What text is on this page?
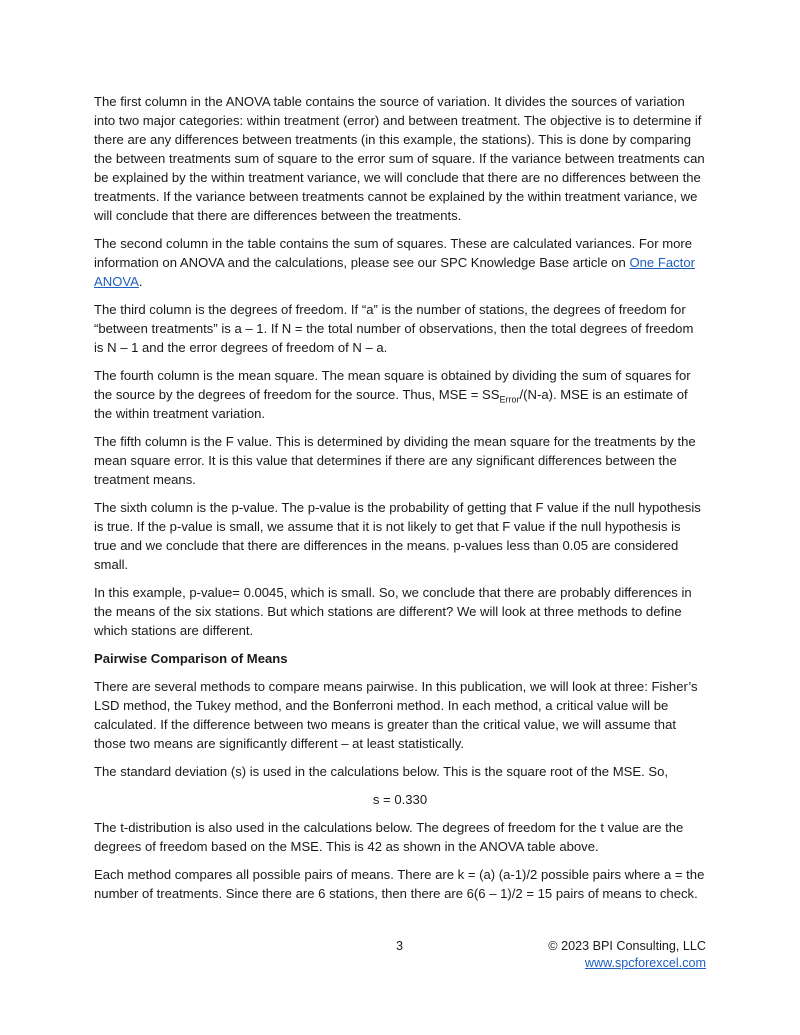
The first column in the ANOVA table contains the source of variation. It divides the sources of variation into two major categories: within treatment (error) and between treatment. The objective is to determine if there are any differences between treatments (in this example, the stations). This is done by comparing the between treatments sum of square to the error sum of square. If the variance between treatments can be explained by the within treatment variance, we will conclude that there are no differences between the treatments. If the variance between treatments cannot be explained by the within treatment variance, we will conclude that there are differences between the treatments.

The second column in the table contains the sum of squares. These are calculated variances. For more information on ANOVA and the calculations, please see our SPC Knowledge Base article on One Factor ANOVA.

The third column is the degrees of freedom. If “a” is the number of stations, the degrees of freedom for “between treatments” is a – 1. If N = the total number of observations, then the total degrees of freedom is N – 1 and the error degrees of freedom of N – a.

The fourth column is the mean square. The mean square is obtained by dividing the sum of squares for the source by the degrees of freedom for the source. Thus, MSE = $SS_{Error}/(N-a)$. MSE is an estimate of the within treatment variation.

The fifth column is the F value. This is determined by dividing the mean square for the treatments by the mean square error. It is this value that determines if there are any significant differences between the treatment means.

The sixth column is the p-value. The p-value is the probability of getting that F value if the null hypothesis is true. If the p-value is small, we assume that it is not likely to get that F value if the null hypothesis is true and we conclude that there are differences in the means. p-values less than 0.05 are considered small.

In this example, p-value= 0.0045, which is small. So, we conclude that there are probably differences in the means of the six stations. But which stations are different? We will look at three methods to define which stations are different.

Pairwise Comparison of Means

There are several methods to compare means pairwise. In this publication, we will look at three: Fisher’s LSD method, the Tukey method, and the Bonferroni method. In each method, a critical value will be calculated. If the difference between two means is greater than the critical value, we will assume that those two means are significantly different – at least statistically.

The standard deviation (s) is used in the calculations below. This is the square root of the MSE. So,

s = 0.330

The t-distribution is also used in the calculations below. The degrees of freedom for the t value are the degrees of freedom based on the MSE. This is 42 as shown in the ANOVA table above.

Each method compares all possible pairs of means. There are k = (a) (a-1)/2 possible pairs where a = the number of treatments. Since there are 6 stations, then there are 6(6 – 1)/2 = 15 pairs of means to check.

3	© 2023 BPI Consulting, LLC
www.spcforexcel.com
